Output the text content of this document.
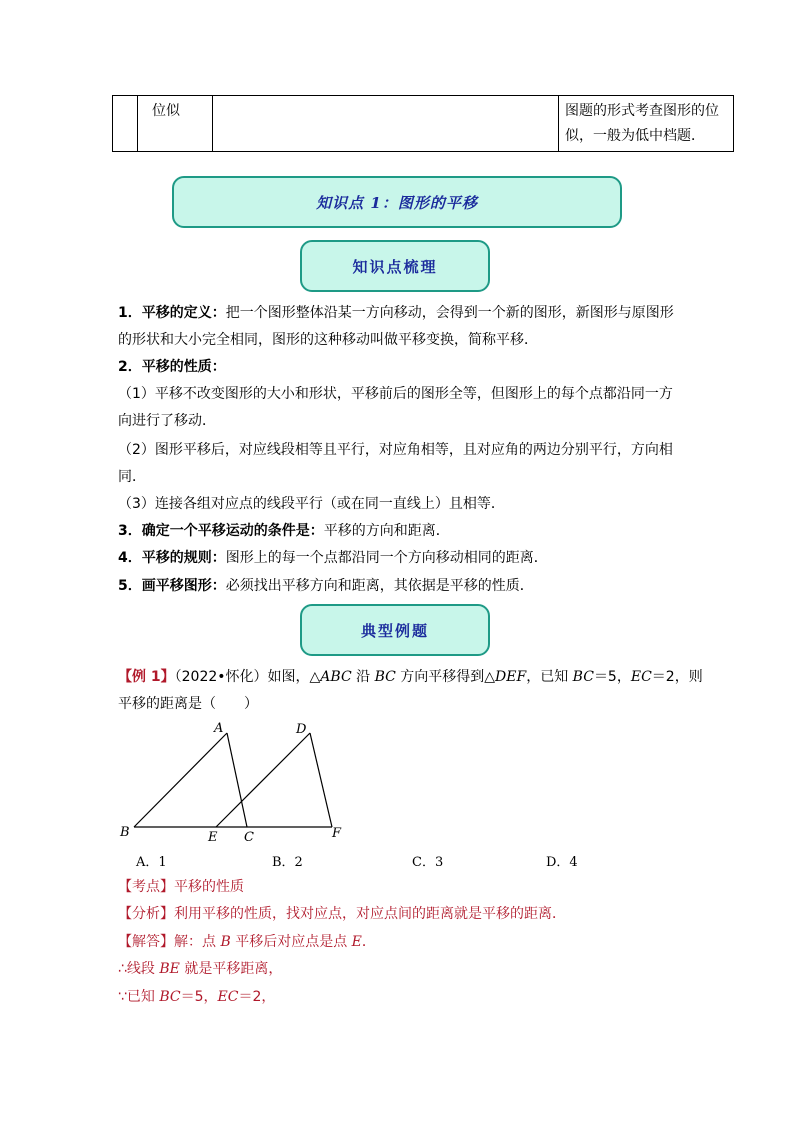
	位似		图题的形式考查图形的位
似，一般为低中档题．
知识点 1：图形的平移
知识点梳理
1．平移的定义：把一个图形整体沿某一方向移动，会得到一个新的图形，新图形与原图形
的形状和大小完全相同，图形的这种移动叫做平移变换，简称平移．
2．平移的性质：
（1）平移不改变图形的大小和形状，平移前后的图形全等，但图形上的每个点都沿同一方
向进行了移动．
（2）图形平移后，对应线段相等且平行，对应角相等，且对应角的两边分别平行，方向相
同．
（3）连接各组对应点的线段平行（或在同一直线上）且相等．
3．确定一个平移运动的条件是：平移的方向和距离．
4．平移的规则：图形上的每一个点都沿同一个方向移动相同的距离．
5．画平移图形：必须找出平移方向和距离，其依据是平移的性质．
典型例题
【例 1】（2022•怀化）如图，△ABC 沿 BC 方向平移得到△DEF，已知 BC＝5，EC＝2，则
平移的距离是（　　）
A	D
B	E C	F
A．1	B．2	C．3	D．4
【考点】平移的性质
【分析】利用平移的性质，找对应点，对应点间的距离就是平移的距离．
【解答】解：点 B 平移后对应点是点 E．
∴线段 BE 就是平移距离，
∵已知 BC＝5，EC＝2，
